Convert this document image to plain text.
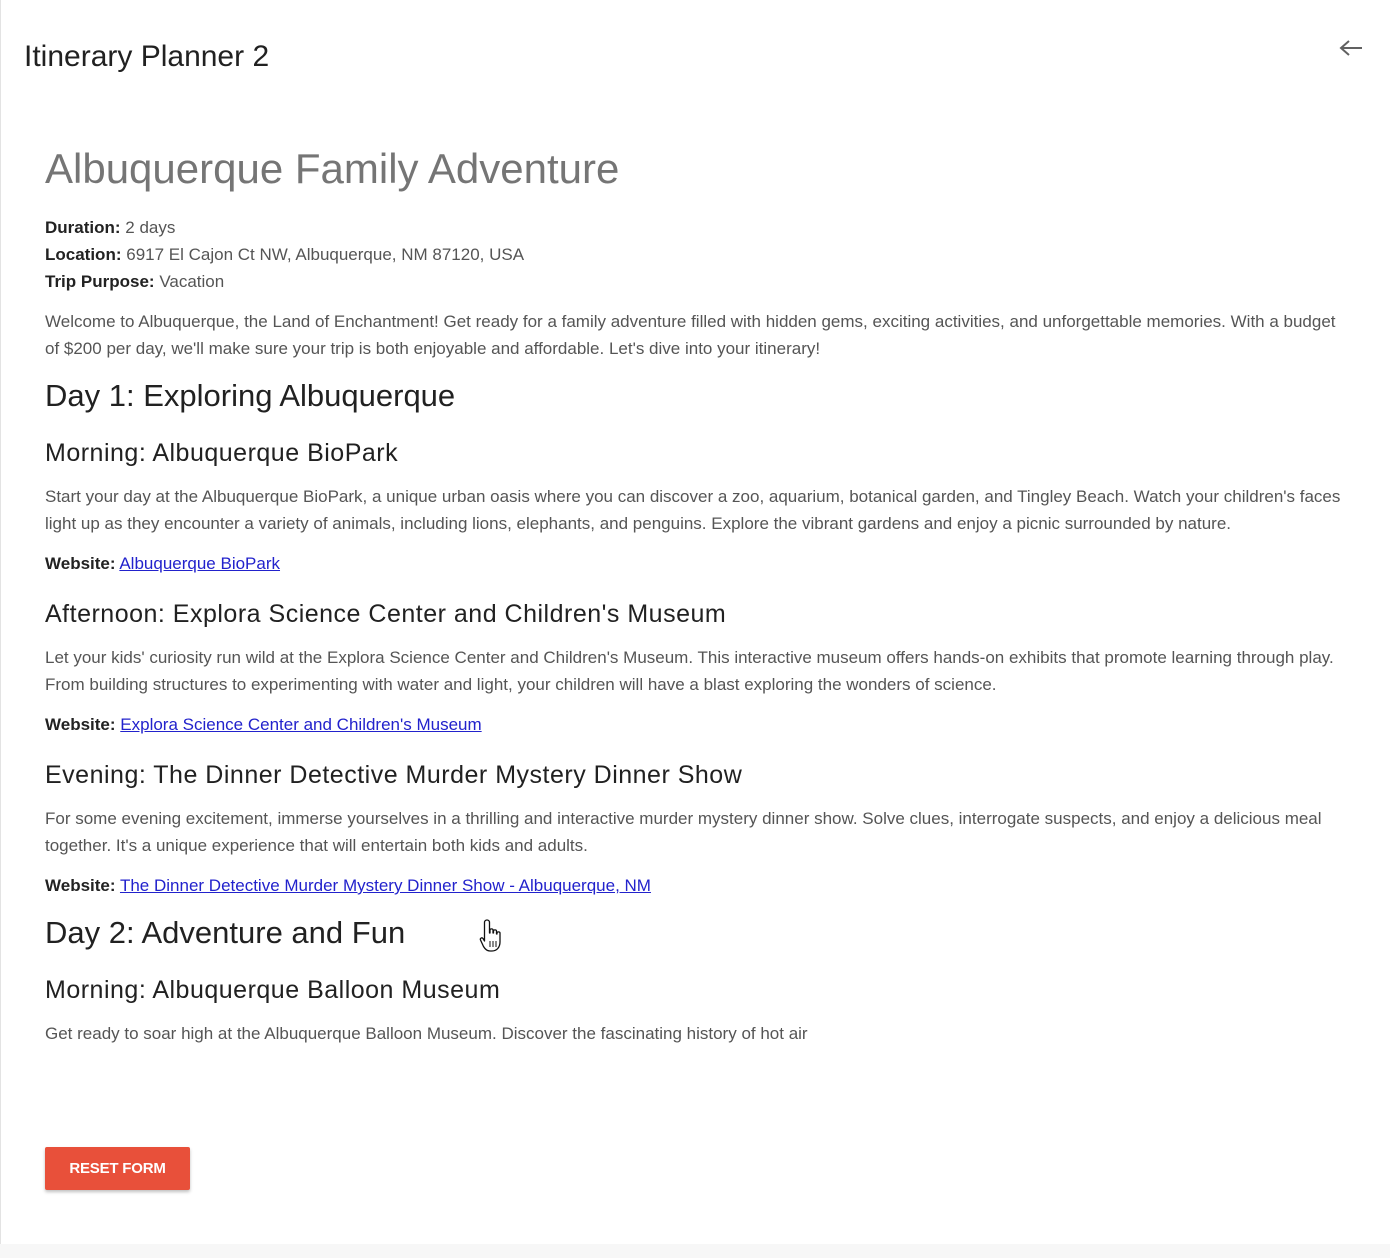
Itinerary Planner 2
Albuquerque Family Adventure
Duration: 2 days
Location: 6917 El Cajon Ct NW, Albuquerque, NM 87120, USA
Trip Purpose: Vacation

Welcome to Albuquerque, the Land of Enchantment! Get ready for a family adventure filled with hidden gems, exciting activities, and unforgettable memories. With a budget of $200 per day, we'll make sure your trip is both enjoyable and affordable. Let's dive into your itinerary!

Day 1: Exploring Albuquerque
Morning: Albuquerque BioPark

Start your day at the Albuquerque BioPark, a unique urban oasis where you can discover a zoo, aquarium, botanical garden, and Tingley Beach. Watch your children's faces light up as they encounter a variety of animals, including lions, elephants, and penguins. Explore the vibrant gardens and enjoy a picnic surrounded by nature.

Website: Albuquerque BioPark
Afternoon: Explora Science Center and Children's Museum

Let your kids' curiosity run wild at the Explora Science Center and Children's Museum. This interactive museum offers hands-on exhibits that promote learning through play. From building structures to experimenting with water and light, your children will have a blast exploring the wonders of science.

Website: Explora Science Center and Children's Museum
Evening: The Dinner Detective Murder Mystery Dinner Show

For some evening excitement, immerse yourselves in a thrilling and interactive murder mystery dinner show. Solve clues, interrogate suspects, and enjoy a delicious meal together. It's a unique experience that will entertain both kids and adults.

Website: The Dinner Detective Murder Mystery Dinner Show - Albuquerque, NM
Day 2: Adventure and Fun
Morning: Albuquerque Balloon Museum

Get ready to soar high at the Albuquerque Balloon Museum. Discover the fascinating history of hot air

RESET FORM
